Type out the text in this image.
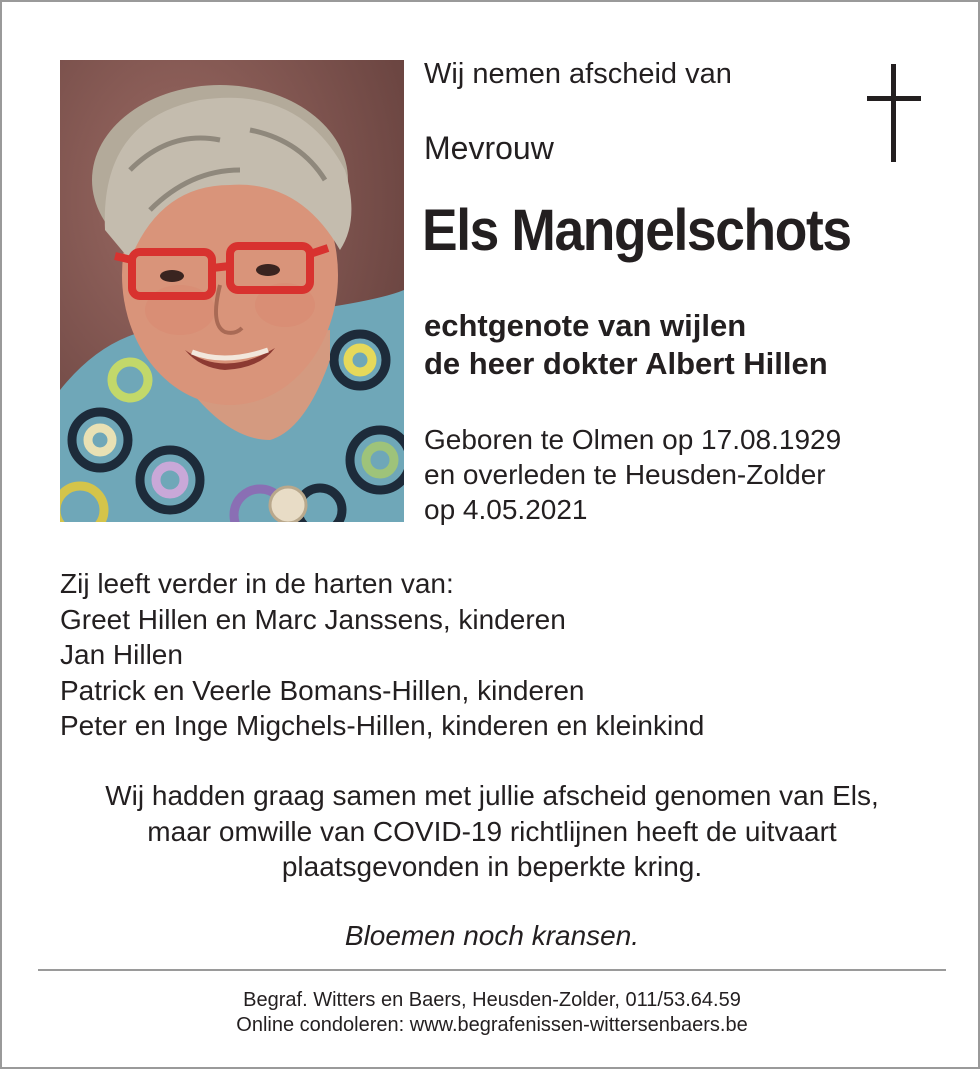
Wij nemen afscheid van
Mevrouw
Els Mangelschots
echtgenote van wijlen
de heer dokter Albert Hillen
Geboren te Olmen op 17.08.1929
en overleden te Heusden-Zolder
op 4.05.2021
Zij leeft verder in de harten van:
Greet Hillen en Marc Janssens, kinderen
Jan Hillen
Patrick en Veerle Bomans-Hillen, kinderen
Peter en Inge Migchels-Hillen, kinderen en kleinkind
Wij hadden graag samen met jullie afscheid genomen van Els,
maar omwille van COVID-19 richtlijnen heeft de uitvaart
plaatsgevonden in beperkte kring.
Bloemen noch kransen.
Begraf. Witters en Baers, Heusden-Zolder, 011/53.64.59
Online condoleren: www.begrafenissen-wittersenbaers.be
